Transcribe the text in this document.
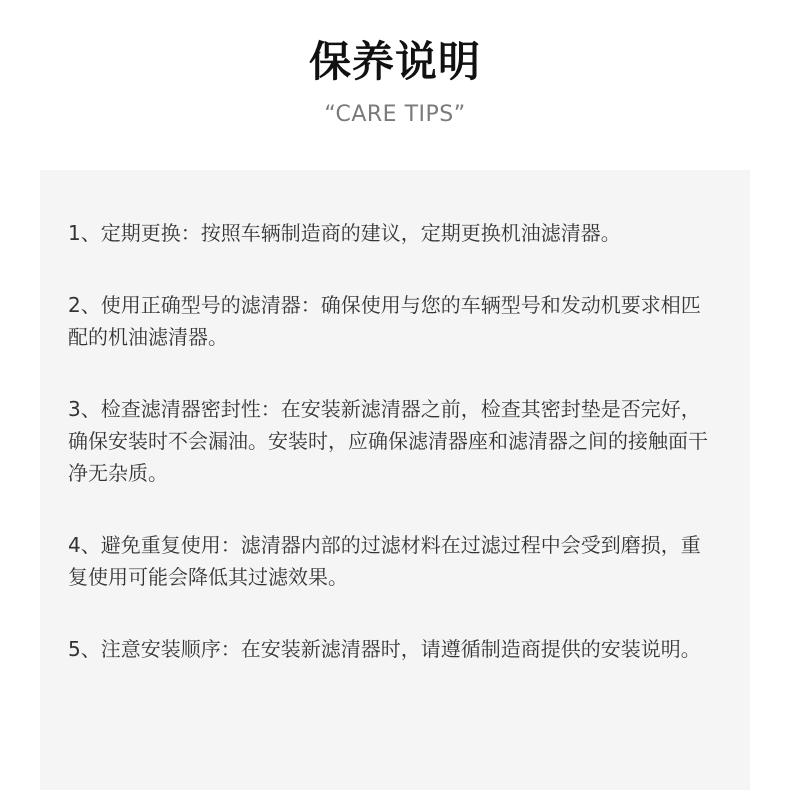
保养说明
“CARE TIPS”

1、定期更换：按照车辆制造商的建议，定期更换机油滤清器。

2、使用正确型号的滤清器：确保使用与您的车辆型号和发动机要求相匹配的机油滤清器。

3、检查滤清器密封性：在安装新滤清器之前，检查其密封垫是否完好，确保安装时不会漏油。安装时，应确保滤清器座和滤清器之间的接触面干净无杂质。

4、避免重复使用：滤清器内部的过滤材料在过滤过程中会受到磨损，重复使用可能会降低其过滤效果。

5、注意安装顺序：在安装新滤清器时，请遵循制造商提供的安装说明。
